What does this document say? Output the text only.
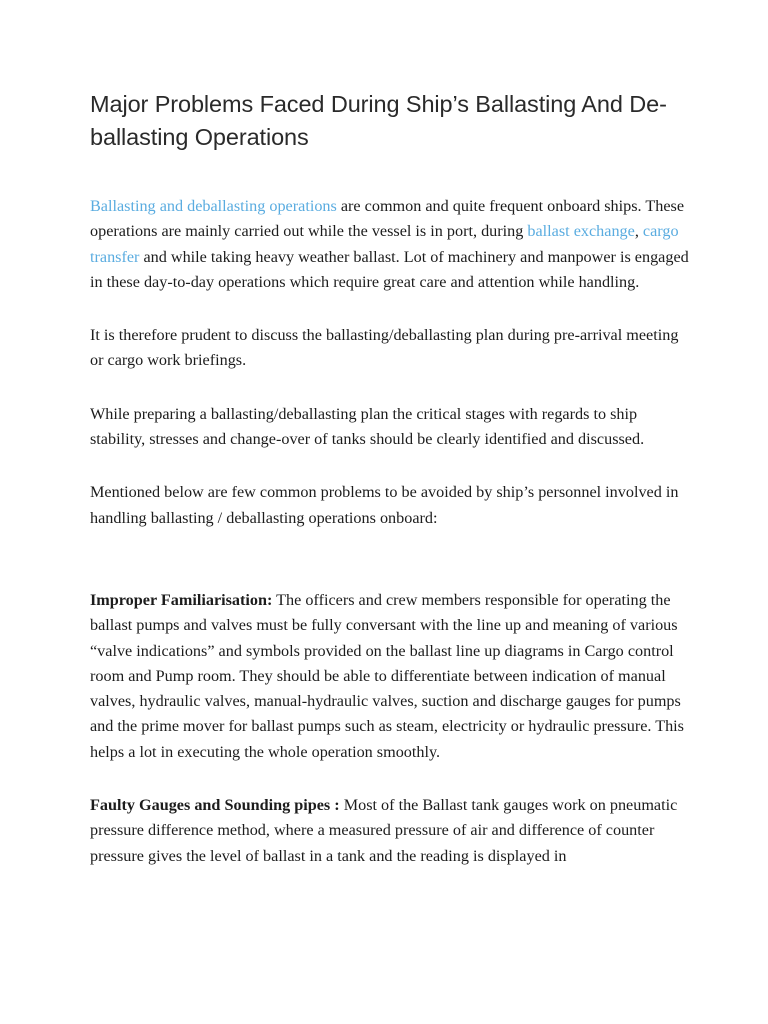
Major Problems Faced During Ship’s Ballasting And De-ballasting Operations

Ballasting and deballasting operations are common and quite frequent onboard ships. These operations are mainly carried out while the vessel is in port, during ballast exchange, cargo transfer and while taking heavy weather ballast. Lot of machinery and manpower is engaged in these day-to-day operations which require great care and attention while handling.

It is therefore prudent to discuss the ballasting/deballasting plan during pre-arrival meeting or cargo work briefings.

While preparing a ballasting/deballasting plan the critical stages with regards to ship stability, stresses and change-over of tanks should be clearly identified and discussed.

Mentioned below are few common problems to be avoided by ship’s personnel involved in handling ballasting / deballasting operations onboard:

Improper Familiarisation: The officers and crew members responsible for operating the ballast pumps and valves must be fully conversant with the line up and meaning of various “valve indications” and symbols provided on the ballast line up diagrams in Cargo control room and Pump room. They should be able to differentiate between indication of manual valves, hydraulic valves, manual-hydraulic valves, suction and discharge gauges for pumps and the prime mover for ballast pumps such as steam, electricity or hydraulic pressure. This helps a lot in executing the whole operation smoothly.

Faulty Gauges and Sounding pipes : Most of the Ballast tank gauges work on pneumatic pressure difference method, where a measured pressure of air and difference of counter pressure gives the level of ballast in a tank and the reading is displayed in
